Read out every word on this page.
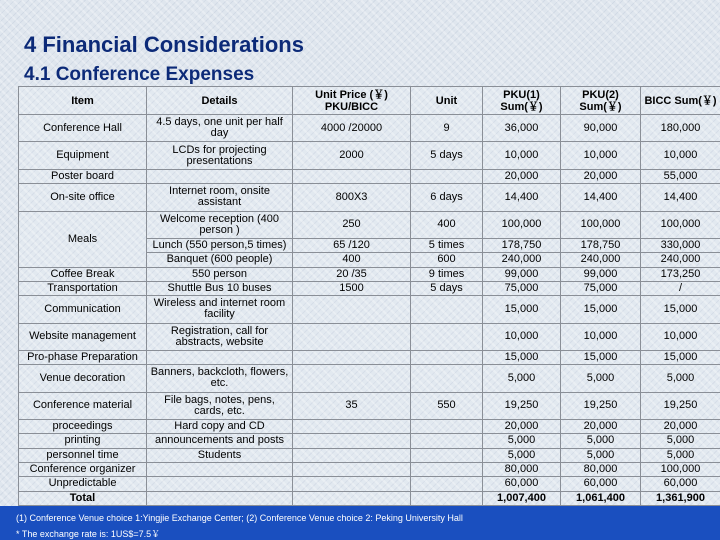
4 Financial Considerations
4.1 Conference Expenses
Item	Details	Unit Price (￥) PKU/BICC	Unit	PKU(1) Sum(￥)	PKU(2) Sum(￥)	BICC Sum(￥)
Conference Hall	4.5 days, one unit per half day	4000 /20000	9	36,000	90,000	180,000
Equipment	LCDs for projecting presentations	2000	5 days	10,000	10,000	10,000
Poster board				20,000	20,000	55,000
On-site office	Internet room, onsite assistant	800X3	6 days	14,400	14,400	14,400
Meals	Welcome reception (400 person )	250	400	100,000	100,000	100,000
	Lunch (550 person,5 times)	65 /120	5 times	178,750	178,750	330,000
	Banquet (600 people)	400	600	240,000	240,000	240,000
Coffee Break	550 person	20 /35	9 times	99,000	99,000	173,250
Transportation	Shuttle Bus 10 buses	1500	5 days	75,000	75,000	/
Communication	Wireless and internet room facility			15,000	15,000	15,000
Website management	Registration, call for abstracts, website			10,000	10,000	10,000
Pro-phase Preparation				15,000	15,000	15,000
Venue decoration	Banners, backcloth, flowers, etc.			5,000	5,000	5,000
Conference material	File bags, notes, pens, cards, etc.	35	550	19,250	19,250	19,250
proceedings	Hard copy and CD			20,000	20,000	20,000
printing	announcements and posts			5,000	5,000	5,000
personnel time	Students			5,000	5,000	5,000
Conference organizer				80,000	80,000	100,000
Unpredictable				60,000	60,000	60,000
Total				1,007,400	1,061,400	1,361,900
(1) Conference Venue choice 1:Yingjie Exchange Center; (2) Conference Venue choice 2: Peking University Hall
* The exchange rate is: 1US$=7.5￥
